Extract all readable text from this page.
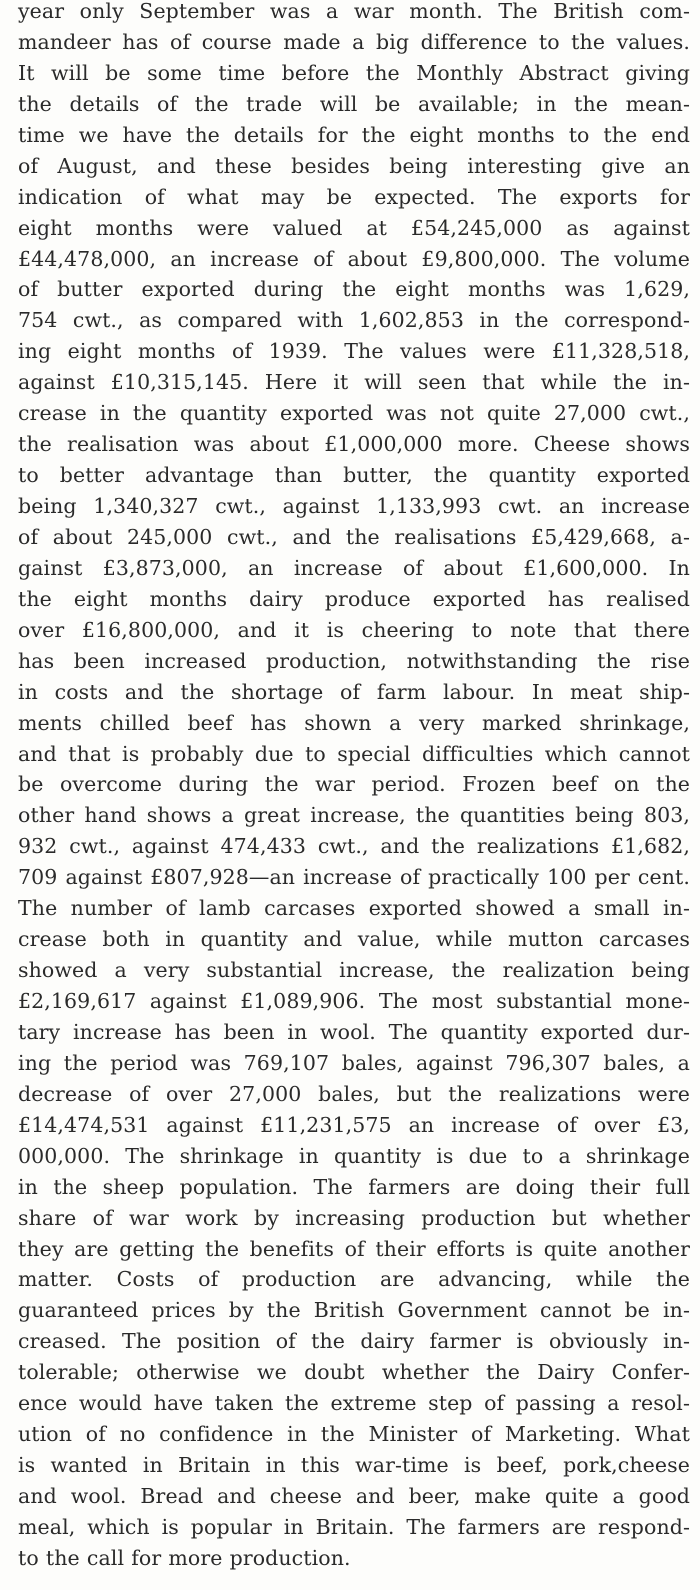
year only September was a war month. The British com-
mandeer has of course made a big difference to the values.
It will be some time before the Monthly Abstract giving
the details of the trade will be available; in the mean-
time we have the details for the eight months to the end
of August, and these besides being interesting give an
indication of what may be expected. The exports for
eight months were valued at £54,245,000 as against
£44,478,000, an increase of about £9,800,000. The volume
of butter exported during the eight months was 1,629,
754 cwt., as compared with 1,602,853 in the correspond-
ing eight months of 1939. The values were £11,328,518,
against £10,315,145. Here it will seen that while the in-
crease in the quantity exported was not quite 27,000 cwt.,
the realisation was about £1,000,000 more. Cheese shows
to better advantage than butter, the quantity exported
being 1,340,327 cwt., against 1,133,993 cwt. an increase
of about 245,000 cwt., and the realisations £5,429,668, a-
gainst £3,873,000, an increase of about £1,600,000. In
the eight months dairy produce exported has realised
over £16,800,000, and it is cheering to note that there
has been increased production, notwithstanding the rise
in costs and the shortage of farm labour. In meat ship-
ments chilled beef has shown a very marked shrinkage,
and that is probably due to special difficulties which cannot
be overcome during the war period. Frozen beef on the
other hand shows a great increase, the quantities being 803,
932 cwt., against 474,433 cwt., and the realizations £1,682,
709 against £807,928—an increase of practically 100 per cent.
The number of lamb carcases exported showed a small in-
crease both in quantity and value, while mutton carcases
showed a very substantial increase, the realization being
£2,169,617 against £1,089,906. The most substantial mone-
tary increase has been in wool. The quantity exported dur-
ing the period was 769,107 bales, against 796,307 bales, a
decrease of over 27,000 bales, but the realizations were
£14,474,531 against £11,231,575 an increase of over £3,
000,000. The shrinkage in quantity is due to a shrinkage
in the sheep population. The farmers are doing their full
share of war work by increasing production but whether
they are getting the benefits of their efforts is quite another
matter. Costs of production are advancing, while the
guaranteed prices by the British Government cannot be in-
creased. The position of the dairy farmer is obviously in-
tolerable; otherwise we doubt whether the Dairy Confer-
ence would have taken the extreme step of passing a resol-
ution of no confidence in the Minister of Marketing. What
is wanted in Britain in this war-time is beef, pork,cheese
and wool. Bread and cheese and beer, make quite a good
meal, which is popular in Britain. The farmers are respond-
to the call for more production.
